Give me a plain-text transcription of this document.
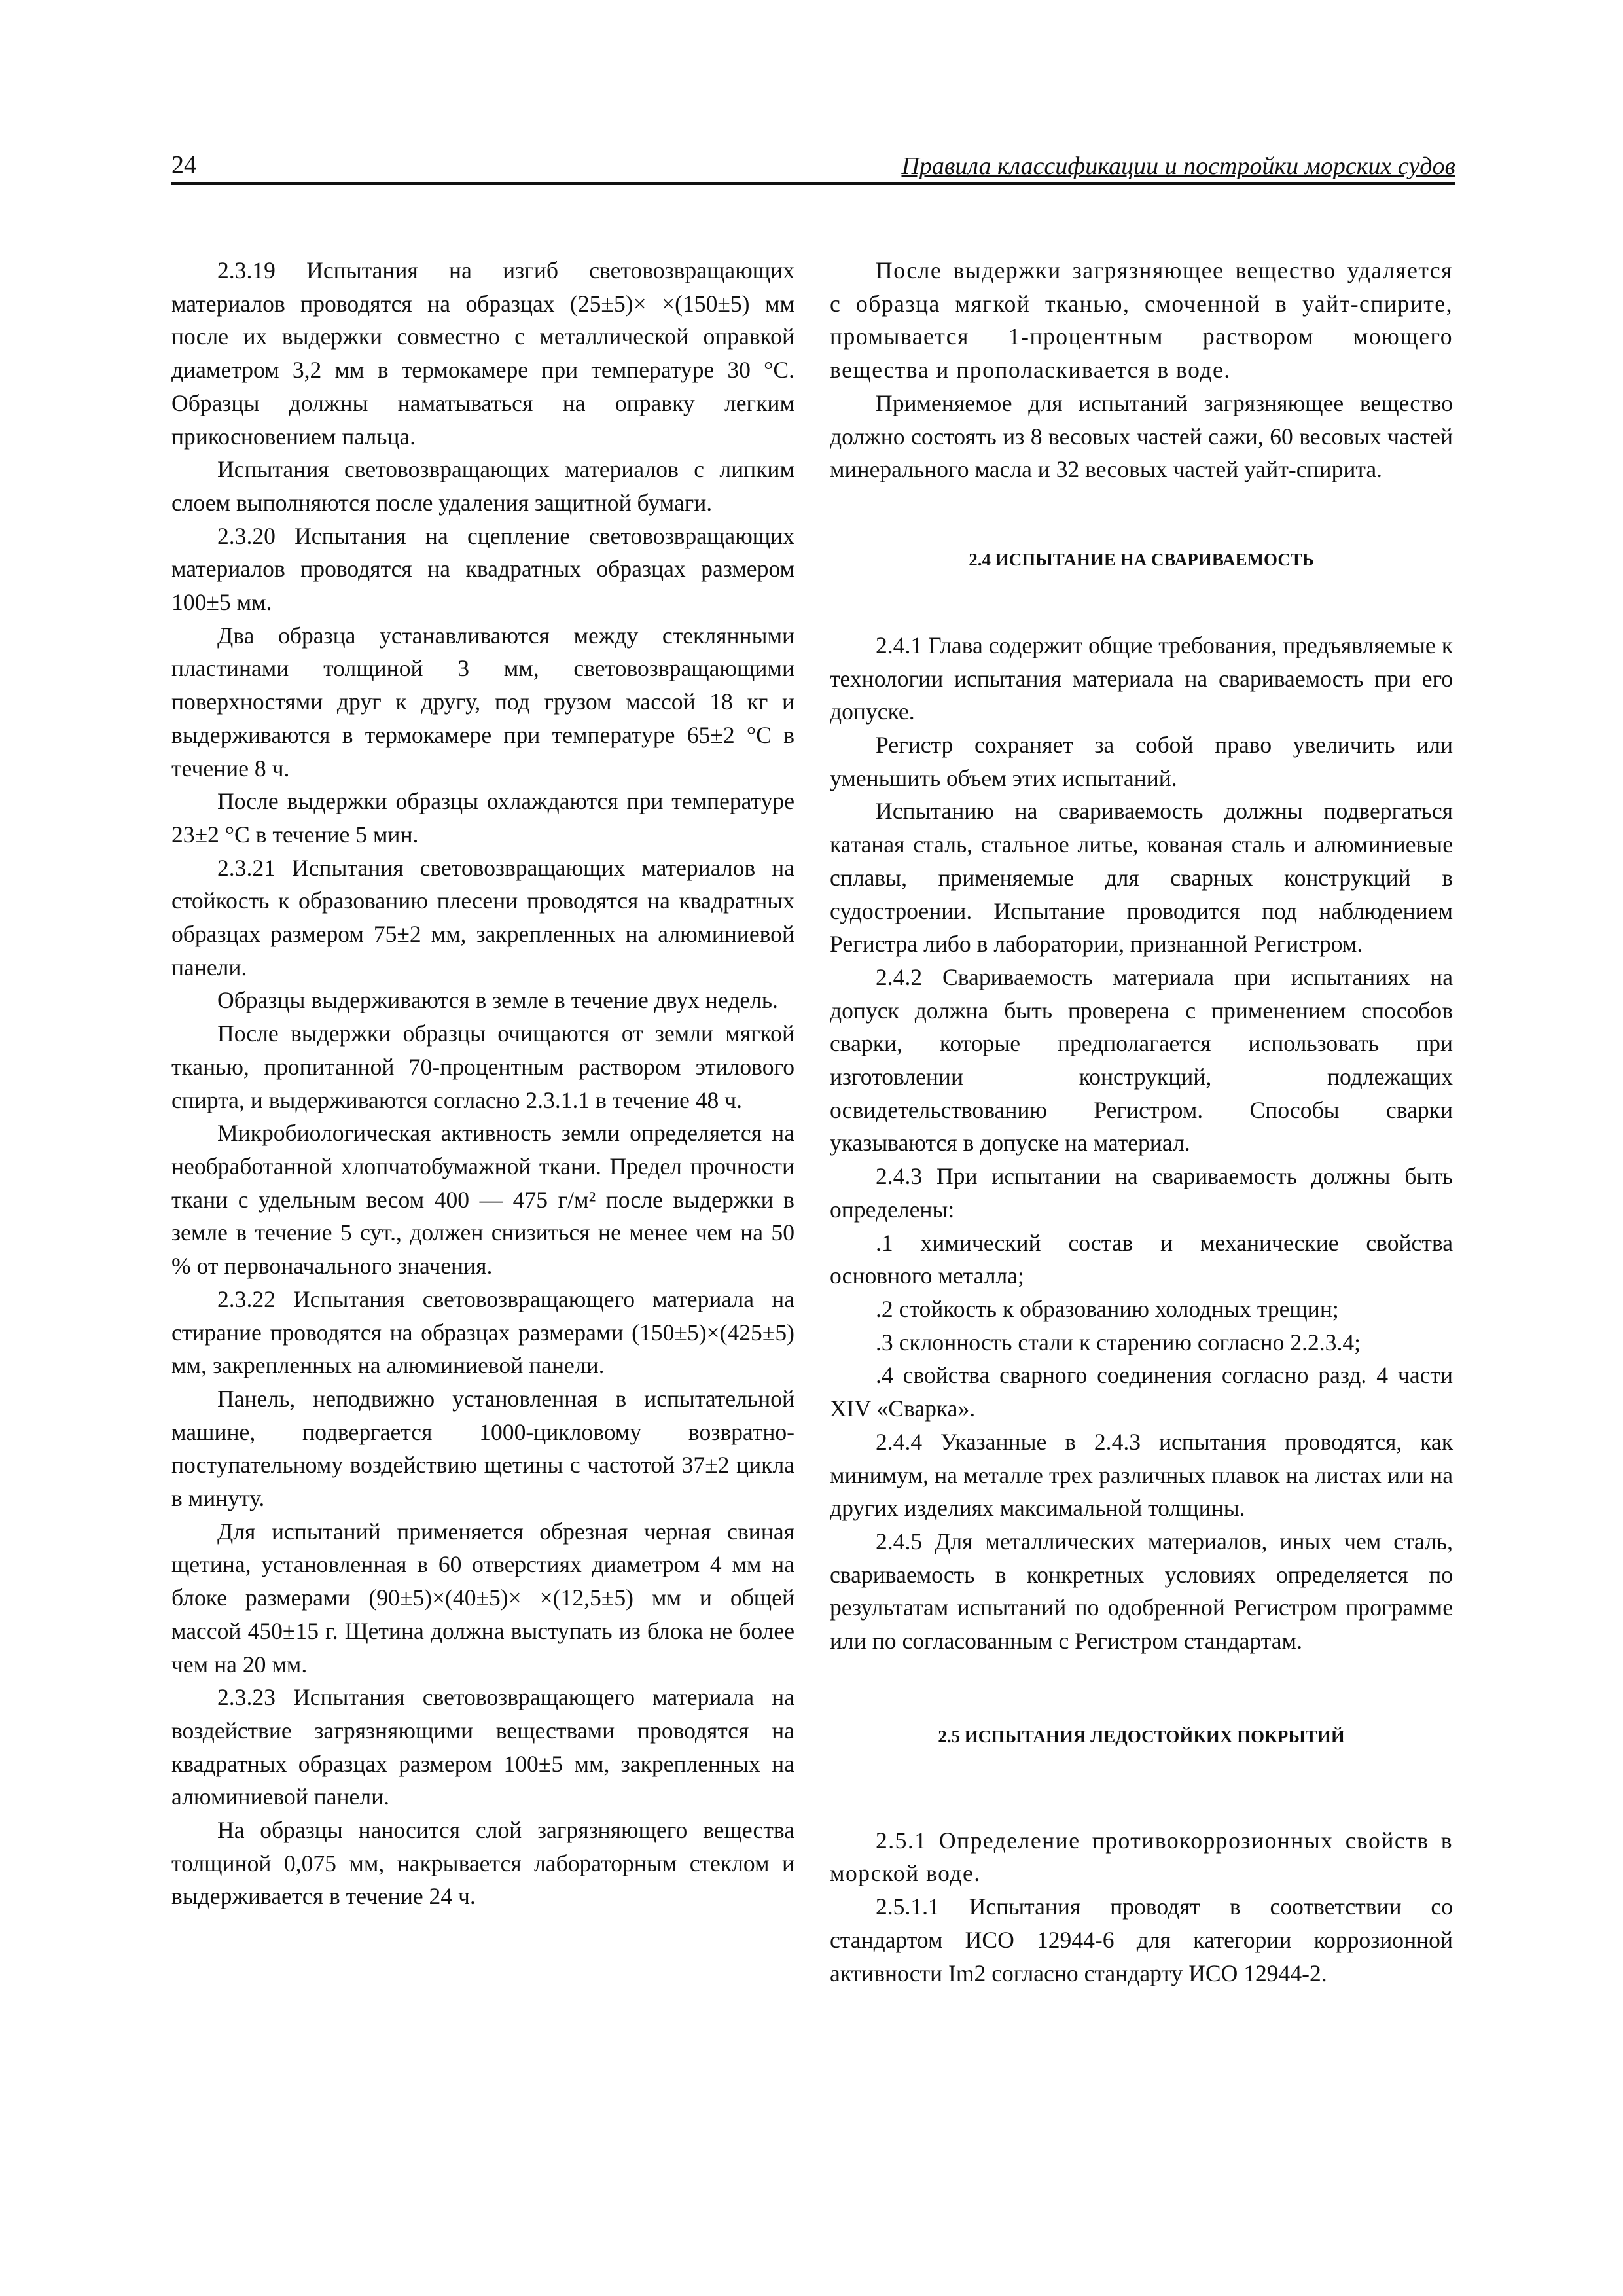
24	Правила классификации и постройки морских судов

2.3.19 Испытания на изгиб световозвращающих материалов проводятся на образцах (25±5)× ×(150±5) мм после их выдержки совместно с металлической оправкой диаметром 3,2 мм в термокамере при температуре 30 °С. Образцы должны наматываться на оправку легким прикосновением пальца.

Испытания световозвращающих материалов с липким слоем выполняются после удаления защитной бумаги.

2.3.20 Испытания на сцепление световозвращающих материалов проводятся на квадратных образцах размером 100±5 мм.

Два образца устанавливаются между стеклянными пластинами толщиной 3 мм, световозвращающими поверхностями друг к другу, под грузом массой 18 кг и выдерживаются в термокамере при температуре 65±2 °С в течение 8 ч.

После выдержки образцы охлаждаются при температуре 23±2 °С в течение 5 мин.

2.3.21 Испытания световозвращающих материалов на стойкость к образованию плесени проводятся на квадратных образцах размером 75±2 мм, закрепленных на алюминиевой панели.

Образцы выдерживаются в земле в течение двух недель.

После выдержки образцы очищаются от земли мягкой тканью, пропитанной 70-процентным раствором этилового спирта, и выдерживаются согласно 2.3.1.1 в течение 48 ч.

Микробиологическая активность земли определяется на необработанной хлопчатобумажной ткани. Предел прочности ткани с удельным весом 400 — 475 г/м² после выдержки в земле в течение 5 сут., должен снизиться не менее чем на 50 % от первоначального значения.

2.3.22 Испытания световозвращающего материала на стирание проводятся на образцах размерами (150±5)×(425±5) мм, закрепленных на алюминиевой панели.

Панель, неподвижно установленная в испытательной машине, подвергается 1000-цикловому возвратно-поступательному воздействию щетины с частотой 37±2 цикла в минуту.

Для испытаний применяется обрезная черная свиная щетина, установленная в 60 отверстиях диаметром 4 мм на блоке размерами (90±5)×(40±5)× ×(12,5±5) мм и общей массой 450±15 г. Щетина должна выступать из блока не более чем на 20 мм.

2.3.23 Испытания световозвращающего материала на воздействие загрязняющими веществами проводятся на квадратных образцах размером 100±5 мм, закрепленных на алюминиевой панели.

На образцы наносится слой загрязняющего вещества толщиной 0,075 мм, накрывается лабораторным стеклом и выдерживается в течение 24 ч.

После выдержки загрязняющее вещество удаляется с образца мягкой тканью, смоченной в уайт-спирите, промывается 1-процентным раствором моющего вещества и прополаскивается в воде.

Применяемое для испытаний загрязняющее вещество должно состоять из 8 весовых частей сажи, 60 весовых частей минерального масла и 32 весовых частей уайт-спирита.

2.4 ИСПЫТАНИЕ НА СВАРИВАЕМОСТЬ

2.4.1 Глава содержит общие требования, предъявляемые к технологии испытания материала на свариваемость при его допуске.

Регистр сохраняет за собой право увеличить или уменьшить объем этих испытаний.

Испытанию на свариваемость должны подвергаться катаная сталь, стальное литье, кованая сталь и алюминиевые сплавы, применяемые для сварных конструкций в судостроении. Испытание проводится под наблюдением Регистра либо в лаборатории, признанной Регистром.

2.4.2 Свариваемость материала при испытаниях на допуск должна быть проверена с применением способов сварки, которые предполагается использовать при изготовлении конструкций, подлежащих освидетельствованию Регистром. Способы сварки указываются в допуске на материал.

2.4.3 При испытании на свариваемость должны быть определены:

.1 химический состав и механические свойства основного металла;

.2 стойкость к образованию холодных трещин;

.3 склонность стали к старению согласно 2.2.3.4;

.4 свойства сварного соединения согласно разд. 4 части XIV «Сварка».

2.4.4 Указанные в 2.4.3 испытания проводятся, как минимум, на металле трех различных плавок на листах или на других изделиях максимальной толщины.

2.4.5 Для металлических материалов, иных чем сталь, свариваемость в конкретных условиях определяется по результатам испытаний по одобренной Регистром программе или по согласованным с Регистром стандартам.

2.5 ИСПЫТАНИЯ ЛЕДОСТОЙКИХ ПОКРЫТИЙ

2.5.1 Определение противокоррозионных свойств в морской воде.

2.5.1.1 Испытания проводят в соответствии со стандартом ИСО 12944-6 для категории коррозионной активности Im2 согласно стандарту ИСО 12944-2.
